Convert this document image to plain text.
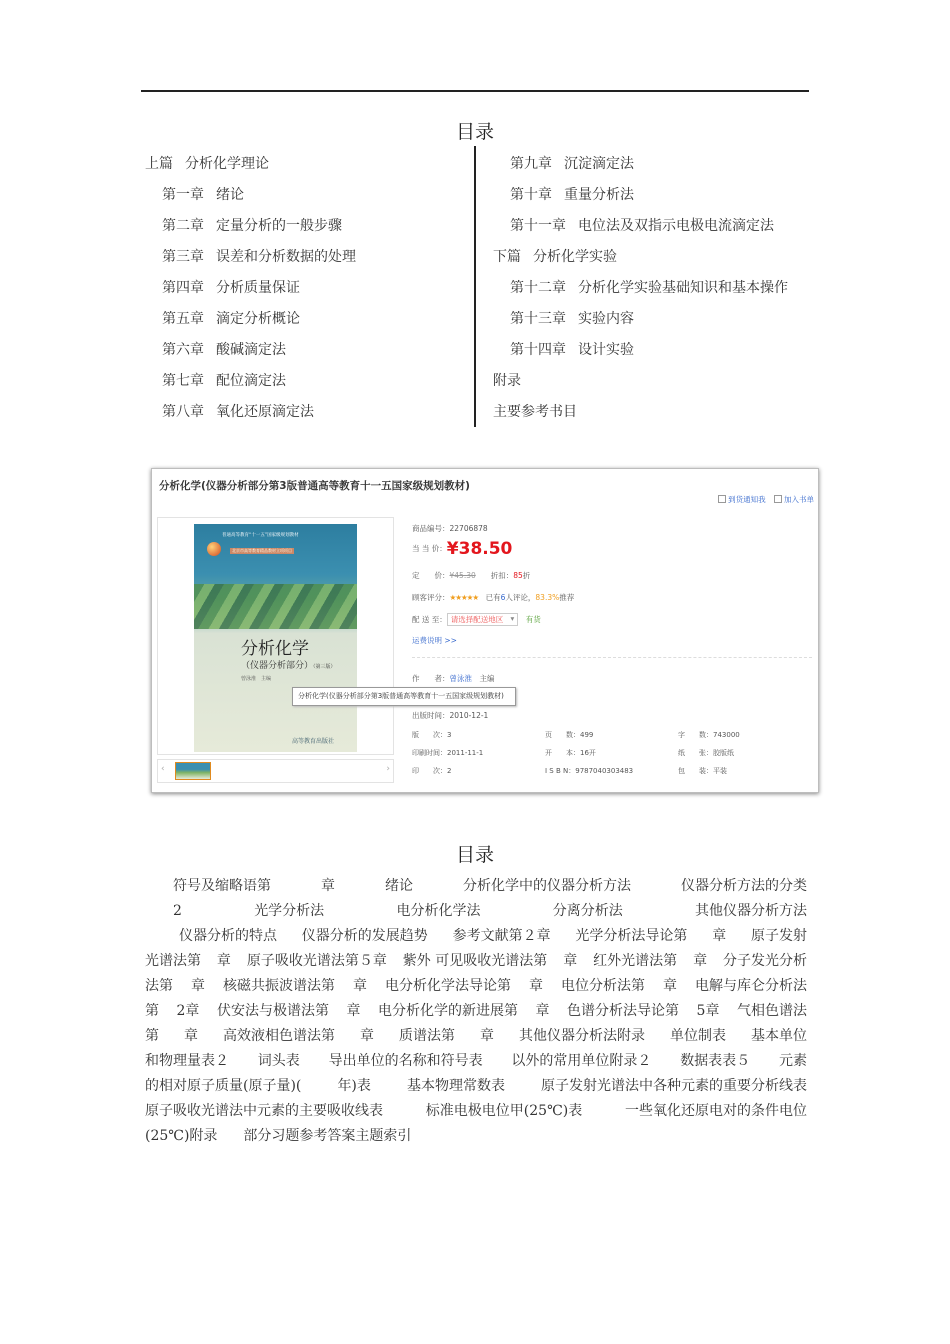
目录
上篇 分析化学理论
第一章 绪论
第二章 定量分析的一般步骤
第三章 误差和分析数据的处理
第四章 分析质量保证
第五章 滴定分析概论
第六章 酸碱滴定法
第七章 配位滴定法
第八章 氧化还原滴定法
第九章 沉淀滴定法
第十章 重量分析法
第十一章 电位法及双指示电极电流滴定法
下篇 分析化学实验
第十二章 分析化学实验基础知识和基本操作
第十三章 实验内容
第十四章 设计实验
附录
主要参考书目
分析化学(仪器分析部分第3版普通高等教育十一五国家级规划教材)
到货通知我 加入书单
普通高等教育“十一五”国家级规划教材
北京市高等教育精品教材立项项目
分析化学
（仪器分析部分）（第三版）
曾泳淮　主编
高等教育出版社
‹	›
商品编号：22706878
当 当 价：¥38.50
定　　价：¥45.30　　 折扣：85折
顾客评分：★★★★★　 已有6人评论，83.3%推荐
配 送 至： 请选择配送地区 ▾　	有货
运费说明 >>
作　　者：曾泳淮　 主编
出版时间：2010-12-1
版　　次：3	页　　数：499	字　　数：743000
印刷时间：2011-11-1	开　　本：16开	纸　　张：胶版纸
印　　次：2	I S B N：9787040303483	包　　装：平装
分析化学(仪器分析部分第3版普通高等教育十一五国家级规划教材)
目录
符号及缩略语第	章	绪论	分析化学中的仪器分析方法	仪器分析方法的分类
2	光学分析法	电分析化学法	分离分析法	其他仪器分析方法
仪器分析的特点 仪器分析的发展趋势 参考文献第２章 光学分析法导论第 章 原子发射
光谱法第 章 原子吸收光谱法第５章 紫外 可见吸收光谱法第 章 红外光谱法第 章 分子发光分析
法第 章 核磁共振波谱法第 章 电分析化学法导论第 章 电位分析法第 章 电解与库仑分析法
第 2章 伏安法与极谱法第 章 电分析化学的新进展第 章 色谱分析法导论第 5章 气相色谱法
第 章 高效液相色谱法第 章 质谱法第 章 其他仪器分析法附录 单位制表 基本单位
和物理量表２ 词头表 导出单位的名称和符号表 以外的常用单位附录２ 数据表表５ 元素
的相对原子质量(原子量)(	年)表	基本物理常数表	原子发射光谱法中各种元素的重要分析线表
原子吸收光谱法中元素的主要吸收线表	标准电极电位甲(25℃)表	一些氧化还原电对的条件电位
(25℃)附录 部分习题参考答案主题索引
